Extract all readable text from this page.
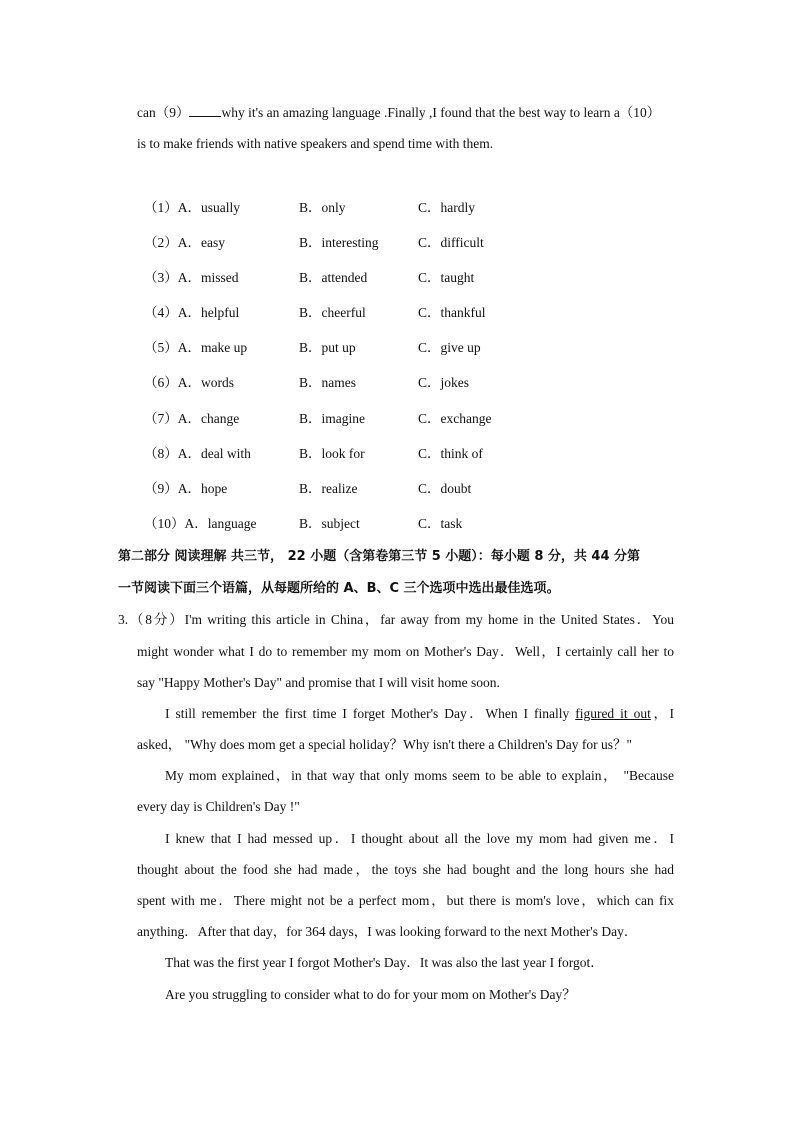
can（9） why it's an amazing language .Finally ,I found that the best way to learn a（10）
is to make friends with native speakers and spend time with them.
（1）A．usually	B．only	C．hardly
（2）A．easy	B．interesting	C．difficult
（3）A．missed	B．attended	C．taught
（4）A．helpful	B．cheerful	C．thankful
（5）A．make up	B．put up	C．give up
（6）A．words	B．names	C．jokes
（7）A．change	B．imagine	C．exchange
（8）A．deal with	B．look for	C．think of
（9）A．hope	B．realize	C．doubt
（10）A．language	B．subject	C．task
第二部分 阅读理解 共三节， 22 小题（含第卷第三节 5 小题）：每小题 8 分，共 44 分第
一节阅读下面三个语篇，从每题所给的 A、B、C 三个选项中选出最佳选项。
3.（8分）I'm writing this article in China，far away from my home in the United States．You
might wonder what I do to remember my mom on Mother's Day．Well，I certainly call her to
say "Happy Mother's Day" and promise that I will visit home soon.
I still remember the first time I forget Mother's Day．When I finally figured it out，I
asked， "Why does mom get a special holiday？Why isn't there a Children's Day for us？"
My mom explained，in that way that only moms seem to be able to explain， "Because
every day is Children's Day !"
I knew that I had messed up．I thought about all the love my mom had given me．I
thought about the food she had made，the toys she had bought and the long hours she had
spent with me．There might not be a perfect mom，but there is mom's love，which can fix
anything．After that day，for 364 days，I was looking forward to the next Mother's Day．
That was the first year I forgot Mother's Day．It was also the last year I forgot．
Are you struggling to consider what to do for your mom on Mother's Day？
